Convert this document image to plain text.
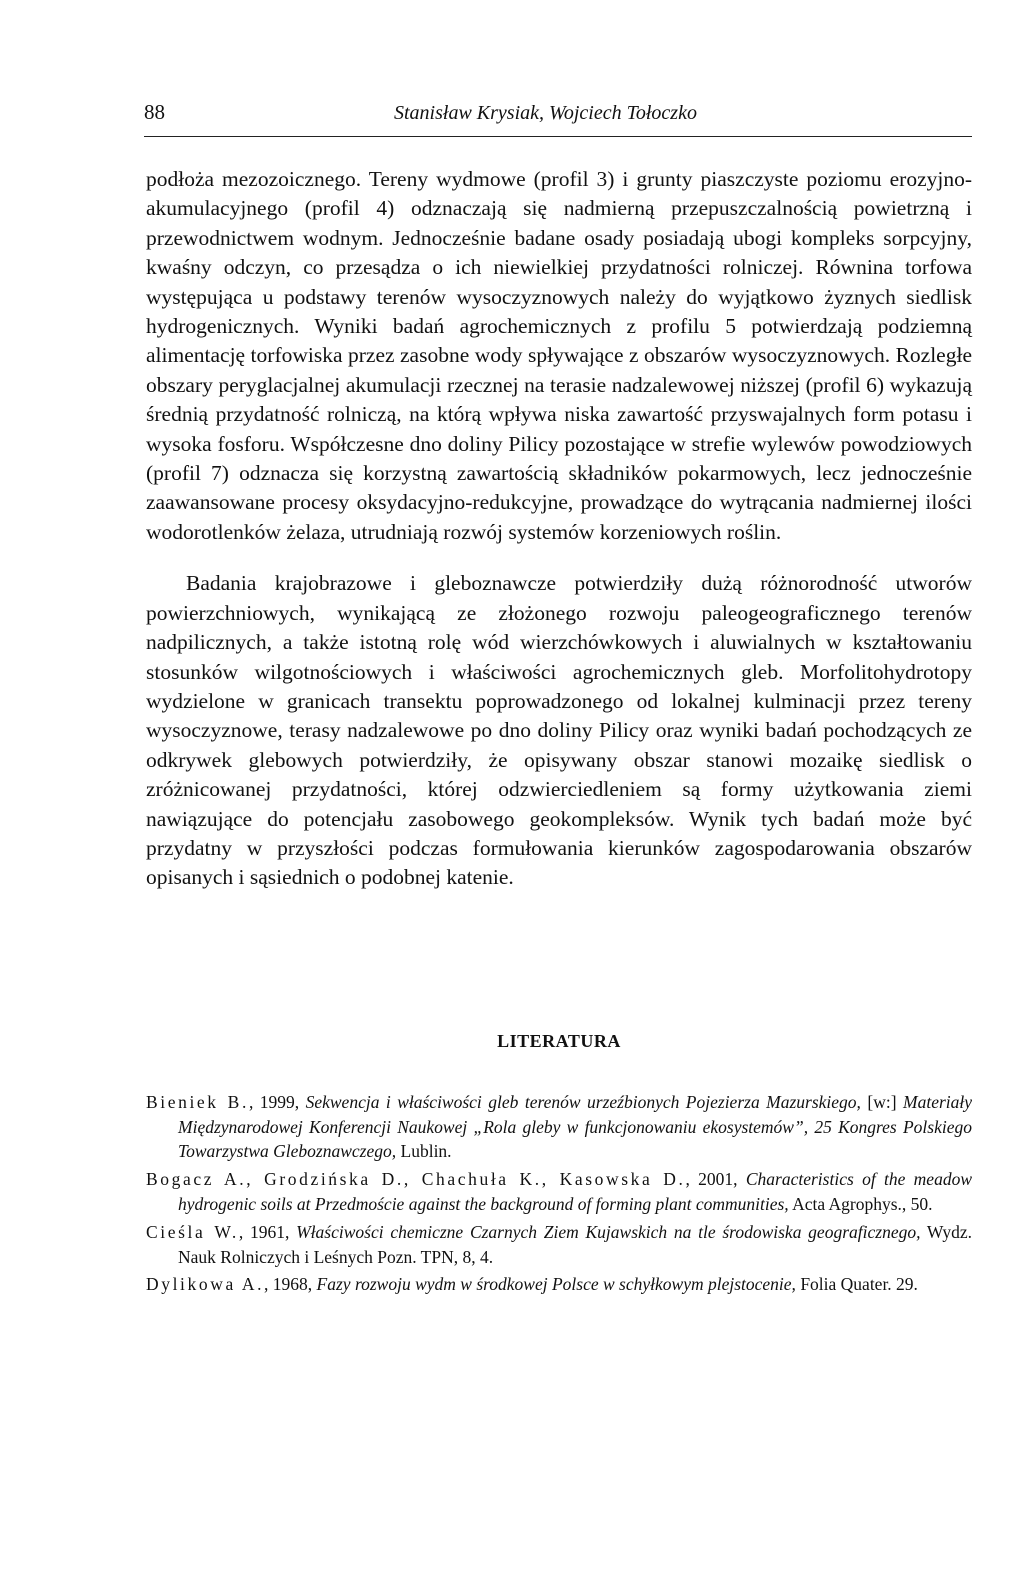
88	Stanisław Krysiak, Wojciech Tołoczko

podłoża mezozoicznego. Tereny wydmowe (profil 3) i grunty piaszczyste poziomu erozyjno-akumulacyjnego (profil 4) odznaczają się nadmierną przepuszczalnością powietrzną i przewodnictwem wodnym. Jednocześnie badane osady posiadają ubogi kompleks sorpcyjny, kwaśny odczyn, co przesądza o ich niewielkiej przydatności rolniczej. Równina torfowa występująca u podstawy terenów wysoczyznowych należy do wyjątkowo żyznych siedlisk hydrogenicznych. Wyniki badań agrochemicznych z profilu 5 potwierdzają podziemną alimentację torfowiska przez zasobne wody spływające z obszarów wysoczyznowych. Rozległe obszary peryglacjalnej akumulacji rzecznej na terasie nadzalewowej niższej (profil 6) wykazują średnią przydatność rolniczą, na którą wpływa niska zawartość przyswajalnych form potasu i wysoka fosforu. Współczesne dno doliny Pilicy pozostające w strefie wylewów powodziowych (profil 7) odznacza się korzystną zawartością składników pokarmowych, lecz jednocześnie zaawansowane procesy oksydacyjno-redukcyjne, prowadzące do wytrącania nadmiernej ilości wodorotlenków żelaza, utrudniają rozwój systemów korzeniowych roślin.

Badania krajobrazowe i gleboznawcze potwierdziły dużą różnorodność utworów powierzchniowych, wynikającą ze złożonego rozwoju paleogeograficznego terenów nadpilicznych, a także istotną rolę wód wierzchówkowych i aluwialnych w kształtowaniu stosunków wilgotnościowych i właściwości agrochemicznych gleb. Morfolitohydrotopy wydzielone w granicach transektu poprowadzonego od lokalnej kulminacji przez tereny wysoczyznowe, terasy nadzalewowe po dno doliny Pilicy oraz wyniki badań pochodzących ze odkrywek glebowych potwierdziły, że opisywany obszar stanowi mozaikę siedlisk o zróżnicowanej przydatności, której odzwierciedleniem są formy użytkowania ziemi nawiązujące do potencjału zasobowego geokompleksów. Wynik tych badań może być przydatny w przyszłości podczas formułowania kierunków zagospodarowania obszarów opisanych i sąsiednich o podobnej katenie.

LITERATURA

Bieniek B., 1999, Sekwencja i właściwości gleb terenów urzeźbionych Pojezierza Mazurskiego, [w:] Materiały Międzynarodowej Konferencji Naukowej „Rola gleby w funkcjonowaniu ekosystemów”, 25 Kongres Polskiego Towarzystwa Gleboznawczego, Lublin.

Bogacz A., Grodzińska D., Chachuła K., Kasowska D., 2001, Characteristics of the meadow hydrogenic soils at Przedmoście against the background of forming plant communities, Acta Agrophys., 50.

Cieśla W., 1961, Właściwości chemiczne Czarnych Ziem Kujawskich na tle środowiska geograficznego, Wydz. Nauk Rolniczych i Leśnych Pozn. TPN, 8, 4.

Dylikowa A., 1968, Fazy rozwoju wydm w środkowej Polsce w schyłkowym plejstocenie, Folia Quater. 29.
